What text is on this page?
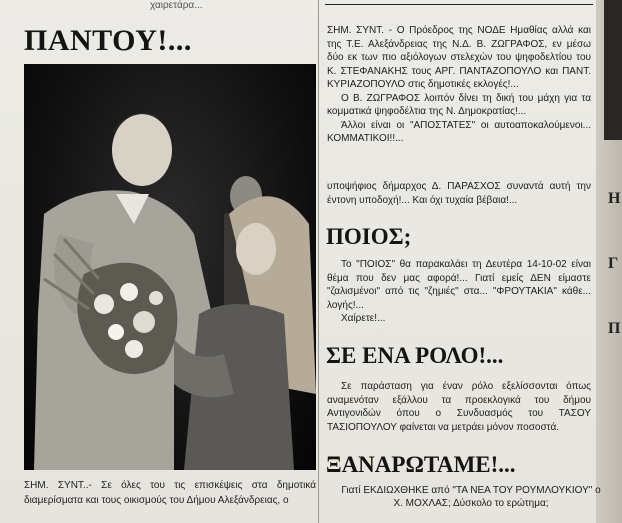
χαιρετάρα...
Η
Γ
Π
ΠΑΝΤΟΥ!...
ΣΗΜ. ΣΥΝΤ..- Σε όλες του τις επισκέψεις στα δημοτικά διαμερίσματα και τους οικισμούς του Δήμου Αλεξάνδρειας, ο

ΣΗΜ. ΣΥΝΤ. - Ο Πρόεδρος της ΝΟΔΕ Ημαθίας αλλά και της Τ.Ε. Αλεξάνδρειας της Ν.Δ. Β. ΖΩΓΡΑΦΟΣ, εν μέσω δύο εκ των πιο αξιόλογων στελεχών του ψηφοδελτίου του Κ. ΣΤΕΦΑΝΑΚΗΣ τους ΑΡΓ. ΠΑΝΤΑΖΟΠΟΥΛΟ και ΠΑΝΤ. ΚΥΡΙΑΖΟΠΟΥΛΟ στις δημοτικές εκλογές!...

Ο Β. ΖΩΓΡΑΦΟΣ λοιπόν δίνει τη δική του μάχη για τα κομματικά ψηφοδέλτια της Ν. Δημοκρατίας!...

Άλλοι είναι οι "ΑΠΟΣΤΑΤΕΣ" οι αυτοαποκαλούμενοι... ΚΟΜΜΑΤΙΚΟΙ!!...

υποψήφιος δήμαρχος Δ. ΠΑΡΑΣΧΟΣ συναντά αυτή την έντονη υποδοχή!... Και όχι τυχαία βέβαια!...
ΠΟΙΟΣ;

Το "ΠΟΙΟΣ" θα παρακαλάει τη Δευτέρα 14-10-02 είναι θέμα που δεν μας αφορά!... Γιατί εμείς ΔΕΝ είμαστε "ζαλισμένοι" από τις "ζημιές" στα... "ΦΡΟΥΤΑΚΙΑ" κάθε... λογής!...

Χαίρετε!...

ΣΕ ΕΝΑ ΡΟΛΟ!...

Σε παράσταση για έναν ρόλο εξελίσσονται όπως αναμενόταν εξάλλου τα προεκλογικά του δήμου Αντιγονιδών όπου ο Συνδυασμός του ΤΑΣΟΥ ΤΑΣΙΟΠΟΥΛΟΥ φαίνεται να μετράει μόνον ποσοστά.

ΞΑΝΑΡΩΤΑΜΕ!...
Γιατί ΕΚΔΙΩΧΘΗΚΕ από "ΤΑ ΝΕΑ ΤΟΥ ΡΟΥΜΛΟΥΚΙΟΥ" ο
Χ. ΜΟΧΛΑΣ; Δύσκολο το ερώτημα;
